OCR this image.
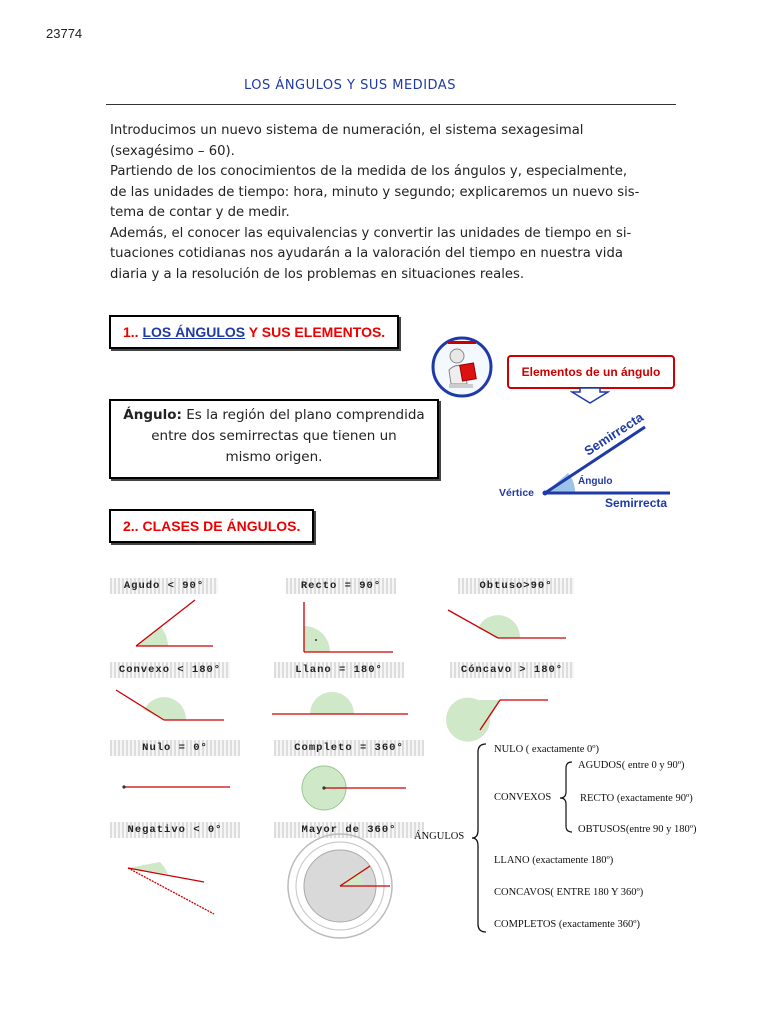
23774
LOS ÁNGULOS Y SUS MEDIDAS

Introducimos un nuevo sistema de numeración, el sistema sexagesimal

(sexagésimo – 60).

Partiendo de los conocimientos de la medida de los ángulos y, especialmente,

de las unidades de tiempo: hora, minuto y segundo; explicaremos un nuevo sis-

tema de contar y de medir.

Además, el conocer las equivalencias y convertir las unidades de tiempo en si-

tuaciones cotidianas nos ayudarán a la valoración del tiempo en nuestra vida

diaria y a la resolución de los problemas en situaciones reales.

1.. LOS ÁNGULOS Y SUS ELEMENTOS.
Elementos de un ángulo
Ángulo: Es la región del plano comprendida
entre dos semirrectas que tienen un
mismo origen.	Semirrecta
Ángulo
Vértice
Semirrecta
2.. CLASES DE ÁNGULOS.
Agudo < 90°	Recto = 90°	Obtuso>90°
Convexo < 180°	Llano = 180°	Cóncavo > 180°
Nulo = 0°	Completo = 360°
Negativo < 0°	Mayor de 360°
ÁNGULOS
NULO ( exactamente 0º)
CONVEXOS
AGUDOS( entre 0 y 90º)
RECTO (exactamente 90º)
OBTUSOS(entre 90 y 180º)
LLANO (exactamente 180º)
CONCAVOS( ENTRE 180 Y 360º)
COMPLETOS (exactamente 360º)
